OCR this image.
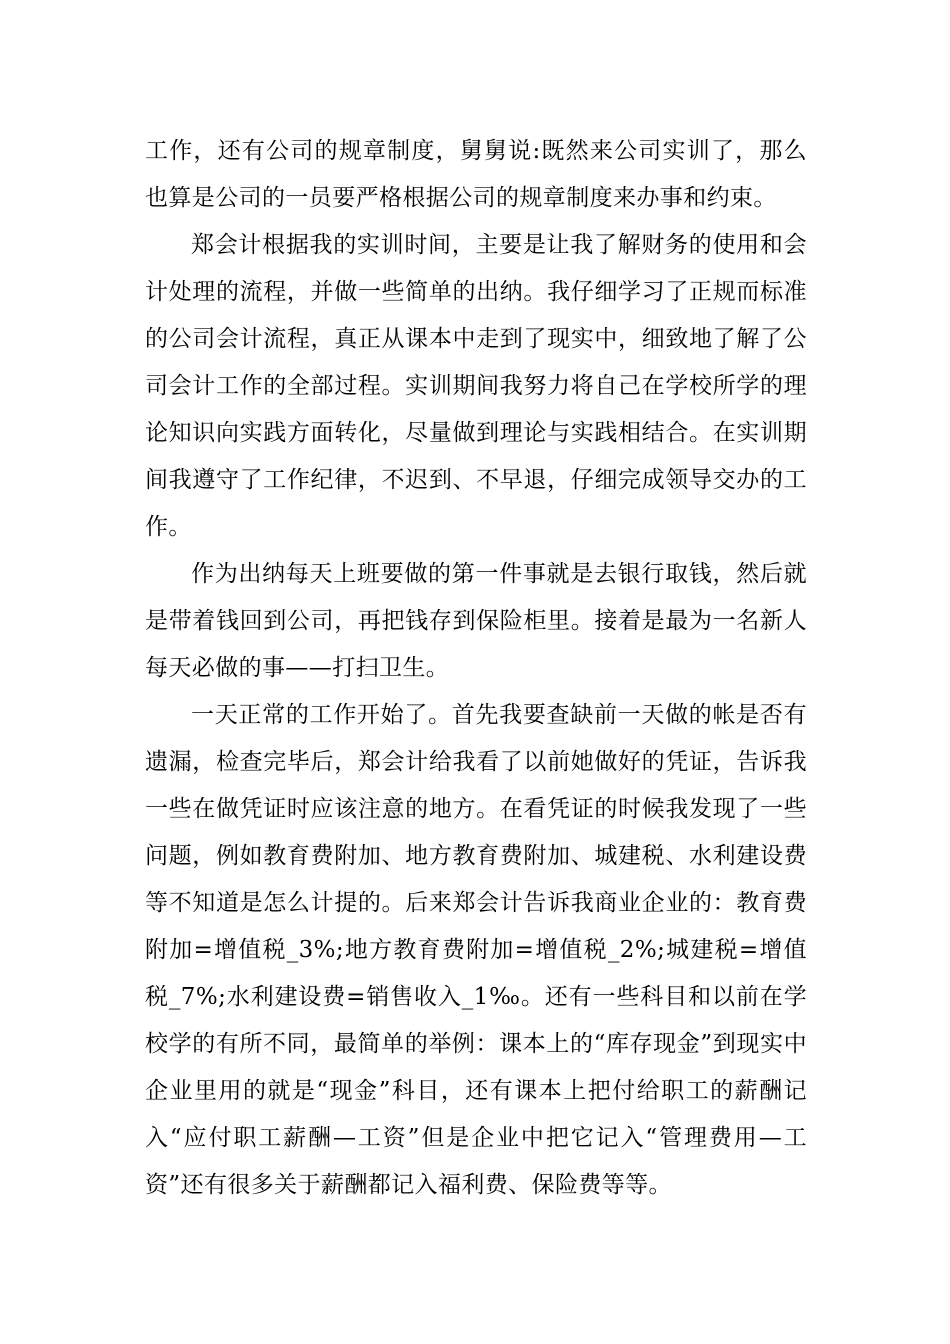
工作，还有公司的规章制度，舅舅说:既然来公司实训了，那么也算是公司的一员要严格根据公司的规章制度来办事和约束。

郑会计根据我的实训时间，主要是让我了解财务的使用和会计处理的流程，并做一些简单的出纳。我仔细学习了正规而标准的公司会计流程，真正从课本中走到了现实中，细致地了解了公司会计工作的全部过程。实训期间我努力将自己在学校所学的理论知识向实践方面转化，尽量做到理论与实践相结合。在实训期间我遵守了工作纪律，不迟到、不早退，仔细完成领导交办的工作。

作为出纳每天上班要做的第一件事就是去银行取钱，然后就是带着钱回到公司，再把钱存到保险柜里。接着是最为一名新人每天必做的事——打扫卫生。

一天正常的工作开始了。首先我要查缺前一天做的帐是否有遗漏，检查完毕后，郑会计给我看了以前她做好的凭证，告诉我一些在做凭证时应该注意的地方。在看凭证的时候我发现了一些问题，例如教育费附加、地方教育费附加、城建税、水利建设费等不知道是怎么计提的。后来郑会计告诉我商业企业的：教育费附加=增值税_3%;地方教育费附加=增值税_2%;城建税=增值税_7%;水利建设费=销售收入_1‰。还有一些科目和以前在学校学的有所不同，最简单的举例：课本上的“库存现金”到现实中企业里用的就是“现金”科目，还有课本上把付给职工的薪酬记入“应付职工薪酬—工资”但是企业中把它记入“管理费用—工资”还有很多关于薪酬都记入福利费、保险费等等。
